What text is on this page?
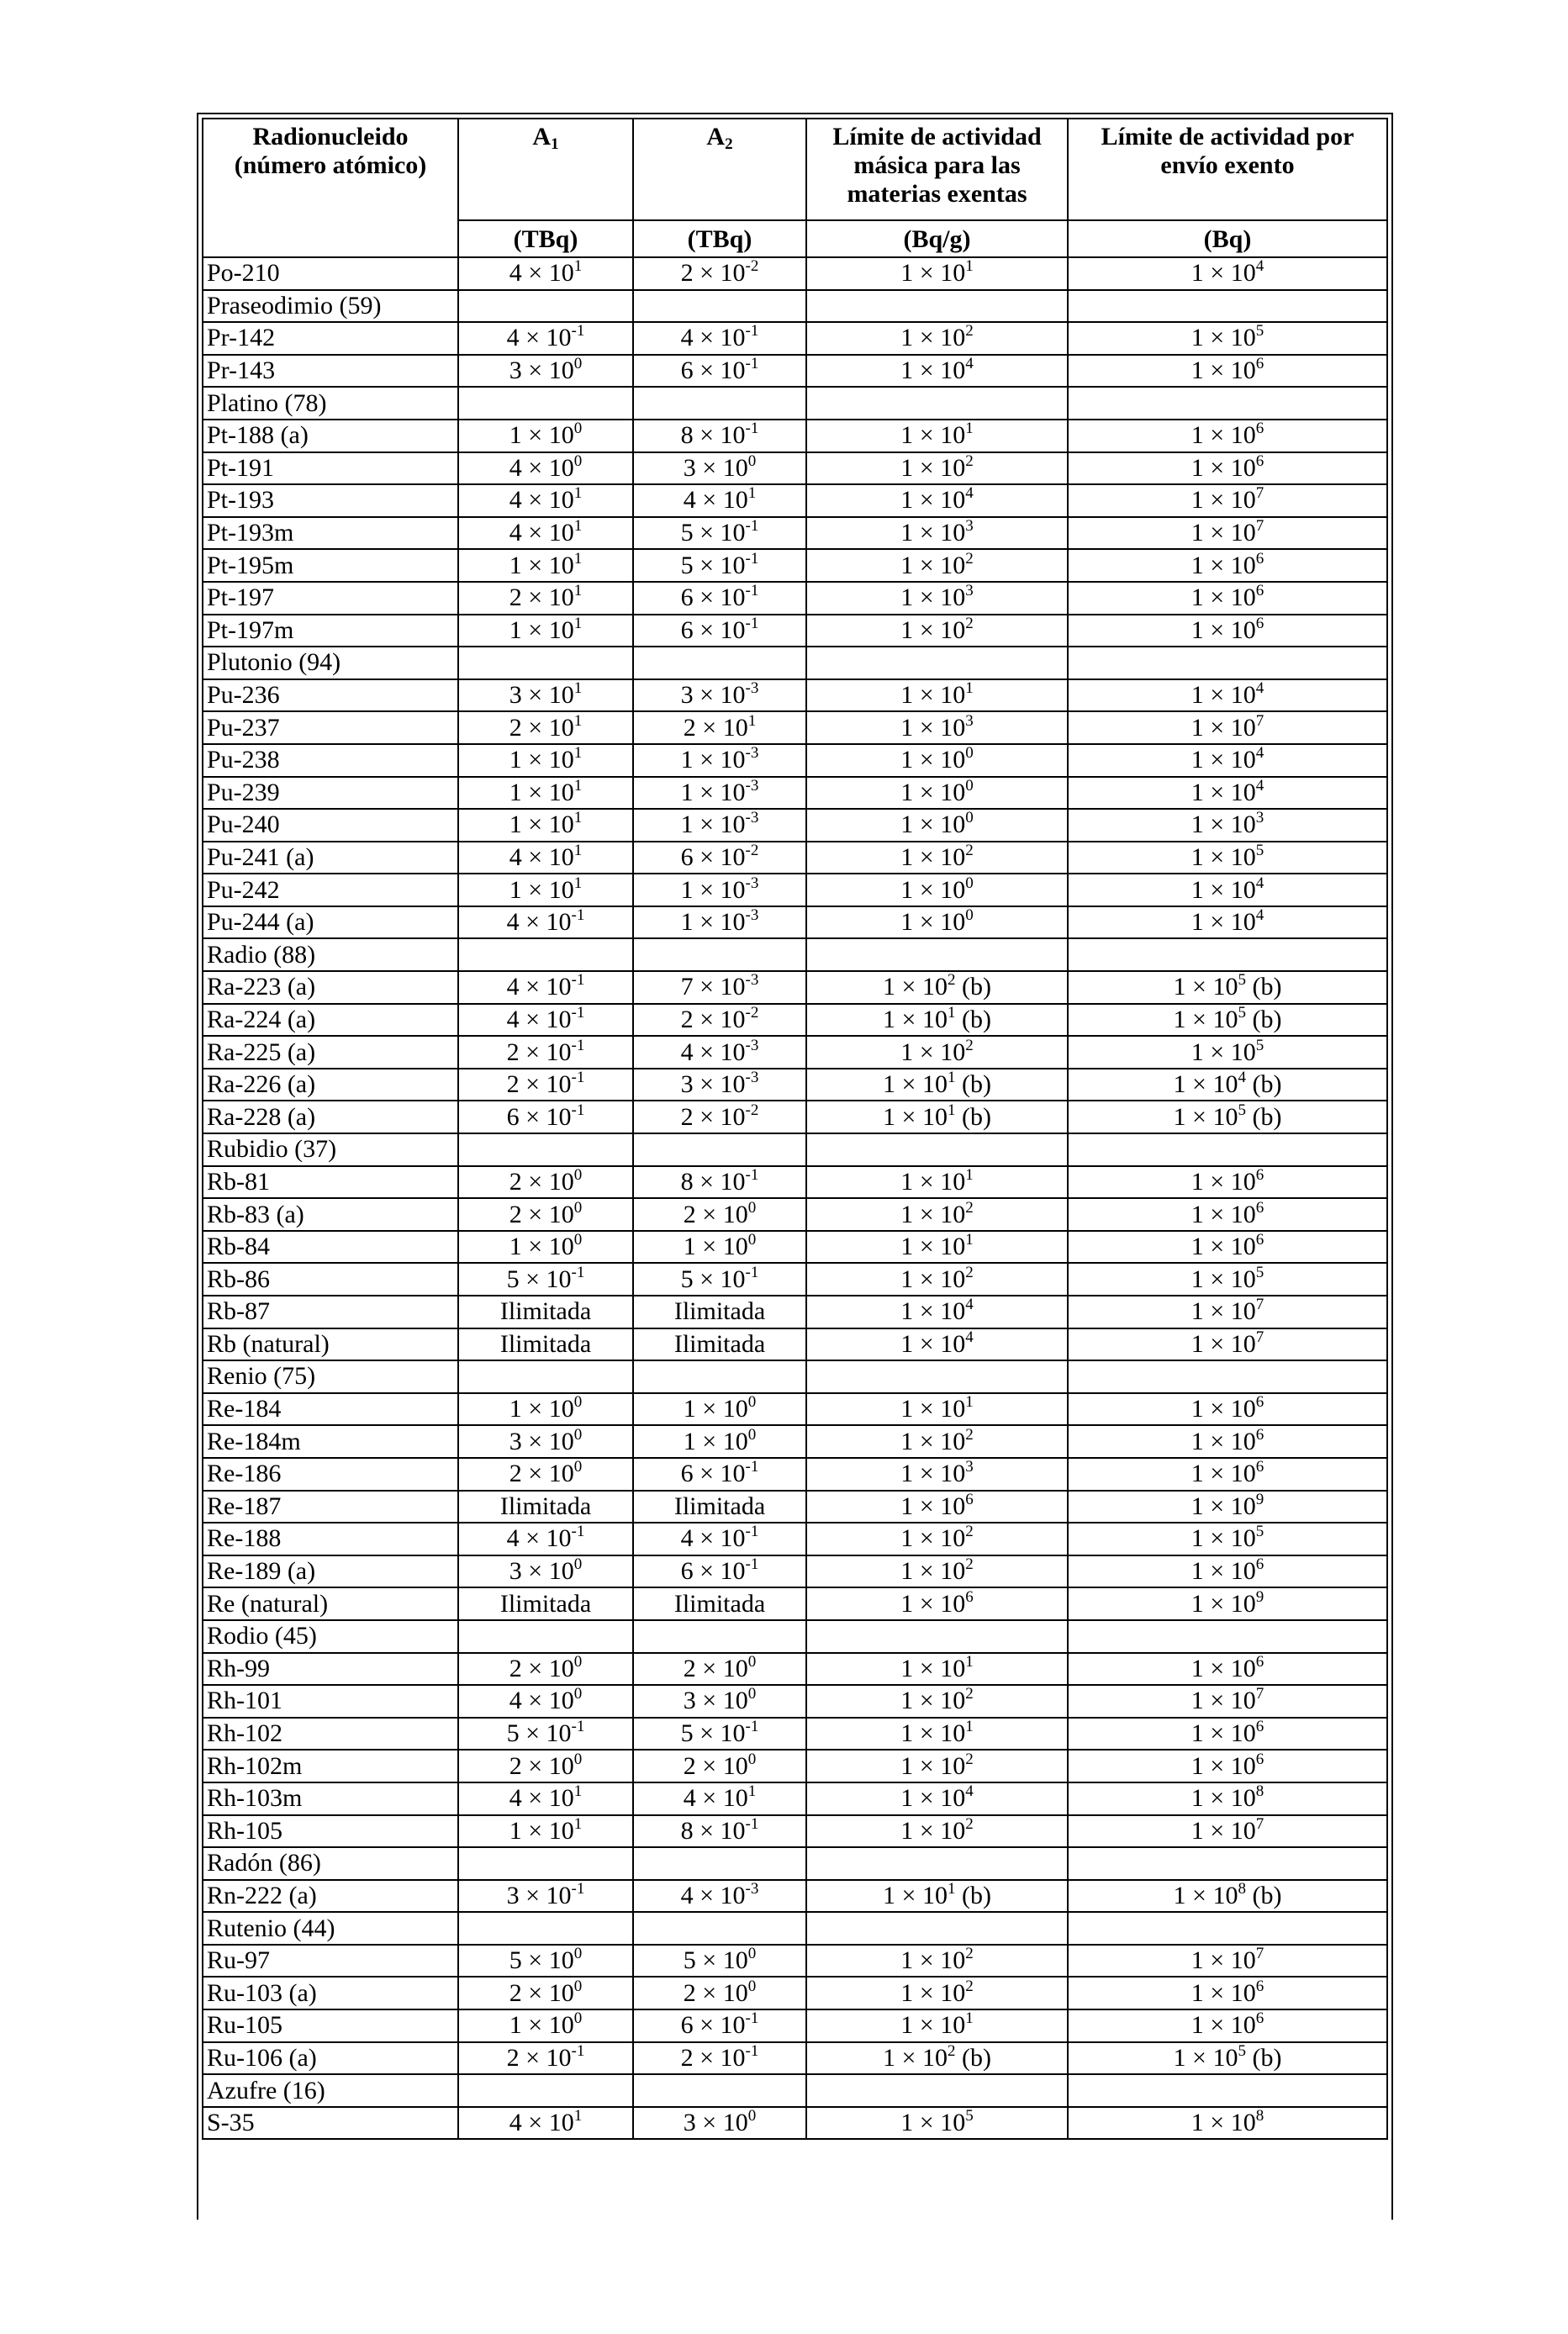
Radionucleido (número atómico)	$A_1$	$A_2$	Límite de actividad másica para las materias exentas	Límite de actividad por envío exento
	(TBq)	(TBq)	(Bq/g)	(Bq)
Po-210	$4 \times 10^1$	$2 \times 10^{-2}$	$1 \times 10^1$	$1 \times 10^4$
Praseodimio (59)				
Pr-142	$4 \times 10^{-1}$	$4 \times 10^{-1}$	$1 \times 10^2$	$1 \times 10^5$
Pr-143	$3 \times 10^0$	$6 \times 10^{-1}$	$1 \times 10^4$	$1 \times 10^6$
Platino (78)				
Pt-188 (a)	$1 \times 10^0$	$8 \times 10^{-1}$	$1 \times 10^1$	$1 \times 10^6$
Pt-191	$4 \times 10^0$	$3 \times 10^0$	$1 \times 10^2$	$1 \times 10^6$
Pt-193	$4 \times 10^1$	$4 \times 10^1$	$1 \times 10^4$	$1 \times 10^7$
Pt-193m	$4 \times 10^1$	$5 \times 10^{-1}$	$1 \times 10^3$	$1 \times 10^7$
Pt-195m	$1 \times 10^1$	$5 \times 10^{-1}$	$1 \times 10^2$	$1 \times 10^6$
Pt-197	$2 \times 10^1$	$6 \times 10^{-1}$	$1 \times 10^3$	$1 \times 10^6$
Pt-197m	$1 \times 10^1$	$6 \times 10^{-1}$	$1 \times 10^2$	$1 \times 10^6$
Plutonio (94)				
Pu-236	$3 \times 10^1$	$3 \times 10^{-3}$	$1 \times 10^1$	$1 \times 10^4$
Pu-237	$2 \times 10^1$	$2 \times 10^1$	$1 \times 10^3$	$1 \times 10^7$
Pu-238	$1 \times 10^1$	$1 \times 10^{-3}$	$1 \times 10^0$	$1 \times 10^4$
Pu-239	$1 \times 10^1$	$1 \times 10^{-3}$	$1 \times 10^0$	$1 \times 10^4$
Pu-240	$1 \times 10^1$	$1 \times 10^{-3}$	$1 \times 10^0$	$1 \times 10^3$
Pu-241 (a)	$4 \times 10^1$	$6 \times 10^{-2}$	$1 \times 10^2$	$1 \times 10^5$
Pu-242	$1 \times 10^1$	$1 \times 10^{-3}$	$1 \times 10^0$	$1 \times 10^4$
Pu-244 (a)	$4 \times 10^{-1}$	$1 \times 10^{-3}$	$1 \times 10^0$	$1 \times 10^4$
Radio (88)				
Ra-223 (a)	$4 \times 10^{-1}$	$7 \times 10^{-3}$	$1 \times 10^2$ (b)	$1 \times 10^5$ (b)
Ra-224 (a)	$4 \times 10^{-1}$	$2 \times 10^{-2}$	$1 \times 10^1$ (b)	$1 \times 10^5$ (b)
Ra-225 (a)	$2 \times 10^{-1}$	$4 \times 10^{-3}$	$1 \times 10^2$	$1 \times 10^5$
Ra-226 (a)	$2 \times 10^{-1}$	$3 \times 10^{-3}$	$1 \times 10^1$ (b)	$1 \times 10^4$ (b)
Ra-228 (a)	$6 \times 10^{-1}$	$2 \times 10^{-2}$	$1 \times 10^1$ (b)	$1 \times 10^5$ (b)
Rubidio (37)				
Rb-81	$2 \times 10^0$	$8 \times 10^{-1}$	$1 \times 10^1$	$1 \times 10^6$
Rb-83 (a)	$2 \times 10^0$	$2 \times 10^0$	$1 \times 10^2$	$1 \times 10^6$
Rb-84	$1 \times 10^0$	$1 \times 10^0$	$1 \times 10^1$	$1 \times 10^6$
Rb-86	$5 \times 10^{-1}$	$5 \times 10^{-1}$	$1 \times 10^2$	$1 \times 10^5$
Rb-87	Ilimitada	Ilimitada	$1 \times 10^4$	$1 \times 10^7$
Rb (natural)	Ilimitada	Ilimitada	$1 \times 10^4$	$1 \times 10^7$
Renio (75)				
Re-184	$1 \times 10^0$	$1 \times 10^0$	$1 \times 10^1$	$1 \times 10^6$
Re-184m	$3 \times 10^0$	$1 \times 10^0$	$1 \times 10^2$	$1 \times 10^6$
Re-186	$2 \times 10^0$	$6 \times 10^{-1}$	$1 \times 10^3$	$1 \times 10^6$
Re-187	Ilimitada	Ilimitada	$1 \times 10^6$	$1 \times 10^9$
Re-188	$4 \times 10^{-1}$	$4 \times 10^{-1}$	$1 \times 10^2$	$1 \times 10^5$
Re-189 (a)	$3 \times 10^0$	$6 \times 10^{-1}$	$1 \times 10^2$	$1 \times 10^6$
Re (natural)	Ilimitada	Ilimitada	$1 \times 10^6$	$1 \times 10^9$
Rodio (45)				
Rh-99	$2 \times 10^0$	$2 \times 10^0$	$1 \times 10^1$	$1 \times 10^6$
Rh-101	$4 \times 10^0$	$3 \times 10^0$	$1 \times 10^2$	$1 \times 10^7$
Rh-102	$5 \times 10^{-1}$	$5 \times 10^{-1}$	$1 \times 10^1$	$1 \times 10^6$
Rh-102m	$2 \times 10^0$	$2 \times 10^0$	$1 \times 10^2$	$1 \times 10^6$
Rh-103m	$4 \times 10^1$	$4 \times 10^1$	$1 \times 10^4$	$1 \times 10^8$
Rh-105	$1 \times 10^1$	$8 \times 10^{-1}$	$1 \times 10^2$	$1 \times 10^7$
Radón (86)				
Rn-222 (a)	$3 \times 10^{-1}$	$4 \times 10^{-3}$	$1 \times 10^1$ (b)	$1 \times 10^8$ (b)
Rutenio (44)				
Ru-97	$5 \times 10^0$	$5 \times 10^0$	$1 \times 10^2$	$1 \times 10^7$
Ru-103 (a)	$2 \times 10^0$	$2 \times 10^0$	$1 \times 10^2$	$1 \times 10^6$
Ru-105	$1 \times 10^0$	$6 \times 10^{-1}$	$1 \times 10^1$	$1 \times 10^6$
Ru-106 (a)	$2 \times 10^{-1}$	$2 \times 10^{-1}$	$1 \times 10^2$ (b)	$1 \times 10^5$ (b)
Azufre (16)				
S-35	$4 \times 10^1$	$3 \times 10^0$	$1 \times 10^5$	$1 \times 10^8$
